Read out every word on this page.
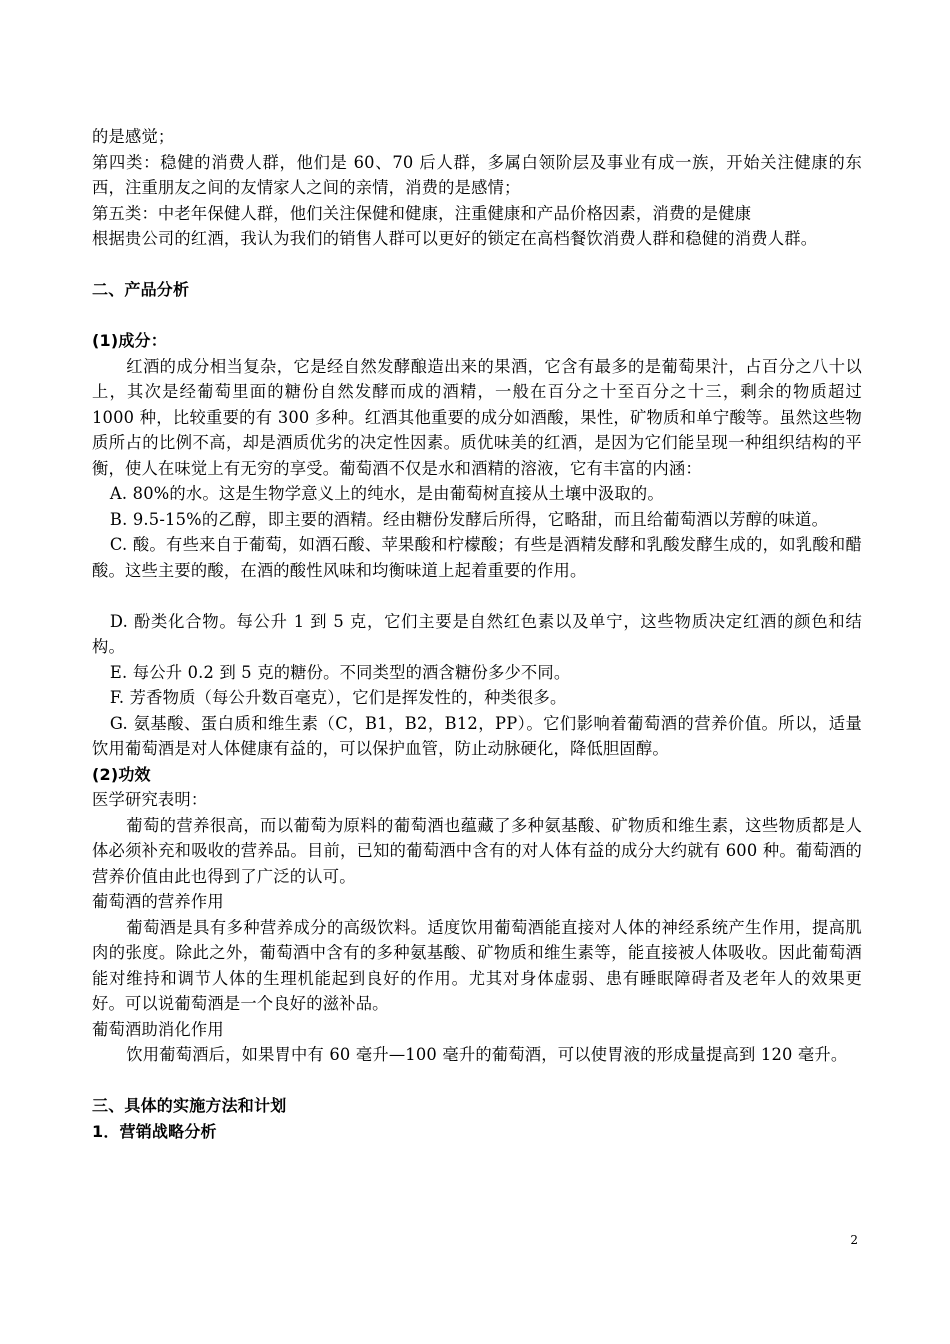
的是感觉；

第四类：稳健的消费人群，他们是 60、70 后人群，多属白领阶层及事业有成一族，开始关注健康的东西，注重朋友之间的友情家人之间的亲情，消费的是感情；

第五类：中老年保健人群，他们关注保健和健康，注重健康和产品价格因素，消费的是健康

根据贵公司的红酒，我认为我们的销售人群可以更好的锁定在高档餐饮消费人群和稳健的消费人群。

二、产品分析

(1)成分：

红酒的成分相当复杂，它是经自然发酵酿造出来的果酒，它含有最多的是葡萄果汁，占百分之八十以上，其次是经葡萄里面的糖份自然发酵而成的酒精，一般在百分之十至百分之十三，剩余的物质超过 1000 种，比较重要的有 300 多种。红酒其他重要的成分如酒酸，果性，矿物质和单宁酸等。虽然这些物质所占的比例不高，却是酒质优劣的决定性因素。质优味美的红酒，是因为它们能呈现一种组织结构的平衡，使人在味觉上有无穷的享受。葡萄酒不仅是水和酒精的溶液，它有丰富的内涵：

A. 80%的水。这是生物学意义上的纯水，是由葡萄树直接从土壤中汲取的。

B. 9.5-15%的乙醇，即主要的酒精。经由糖份发酵后所得，它略甜，而且给葡萄酒以芳醇的味道。

C. 酸。有些来自于葡萄，如酒石酸、苹果酸和柠檬酸；有些是酒精发酵和乳酸发酵生成的，如乳酸和醋酸。这些主要的酸，在酒的酸性风味和均衡味道上起着重要的作用。

D. 酚类化合物。每公升 1 到 5 克，它们主要是自然红色素以及单宁，这些物质决定红酒的颜色和结构。

E. 每公升 0.2 到 5 克的糖份。不同类型的酒含糖份多少不同。

F. 芳香物质（每公升数百毫克），它们是挥发性的，种类很多。

G. 氨基酸、蛋白质和维生素（C，B1，B2，B12，PP）。它们影响着葡萄酒的营养价值。所以，适量饮用葡萄酒是对人体健康有益的，可以保护血管，防止动脉硬化，降低胆固醇。

(2)功效

医学研究表明：

葡萄的营养很高，而以葡萄为原料的葡萄酒也蕴藏了多种氨基酸、矿物质和维生素，这些物质都是人体必须补充和吸收的营养品。目前，已知的葡萄酒中含有的对人体有益的成分大约就有 600 种。葡萄酒的营养价值由此也得到了广泛的认可。

葡萄酒的营养作用

葡萄酒是具有多种营养成分的高级饮料。适度饮用葡萄酒能直接对人体的神经系统产生作用，提高肌肉的张度。除此之外，葡萄酒中含有的多种氨基酸、矿物质和维生素等，能直接被人体吸收。因此葡萄酒能对维持和调节人体的生理机能起到良好的作用。尤其对身体虚弱、患有睡眠障碍者及老年人的效果更好。可以说葡萄酒是一个良好的滋补品。

葡萄酒助消化作用

饮用葡萄酒后，如果胃中有 60 毫升—100 毫升的葡萄酒，可以使胃液的形成量提高到 120 毫升。

三、具体的实施方法和计划

1．营销战略分析

2
